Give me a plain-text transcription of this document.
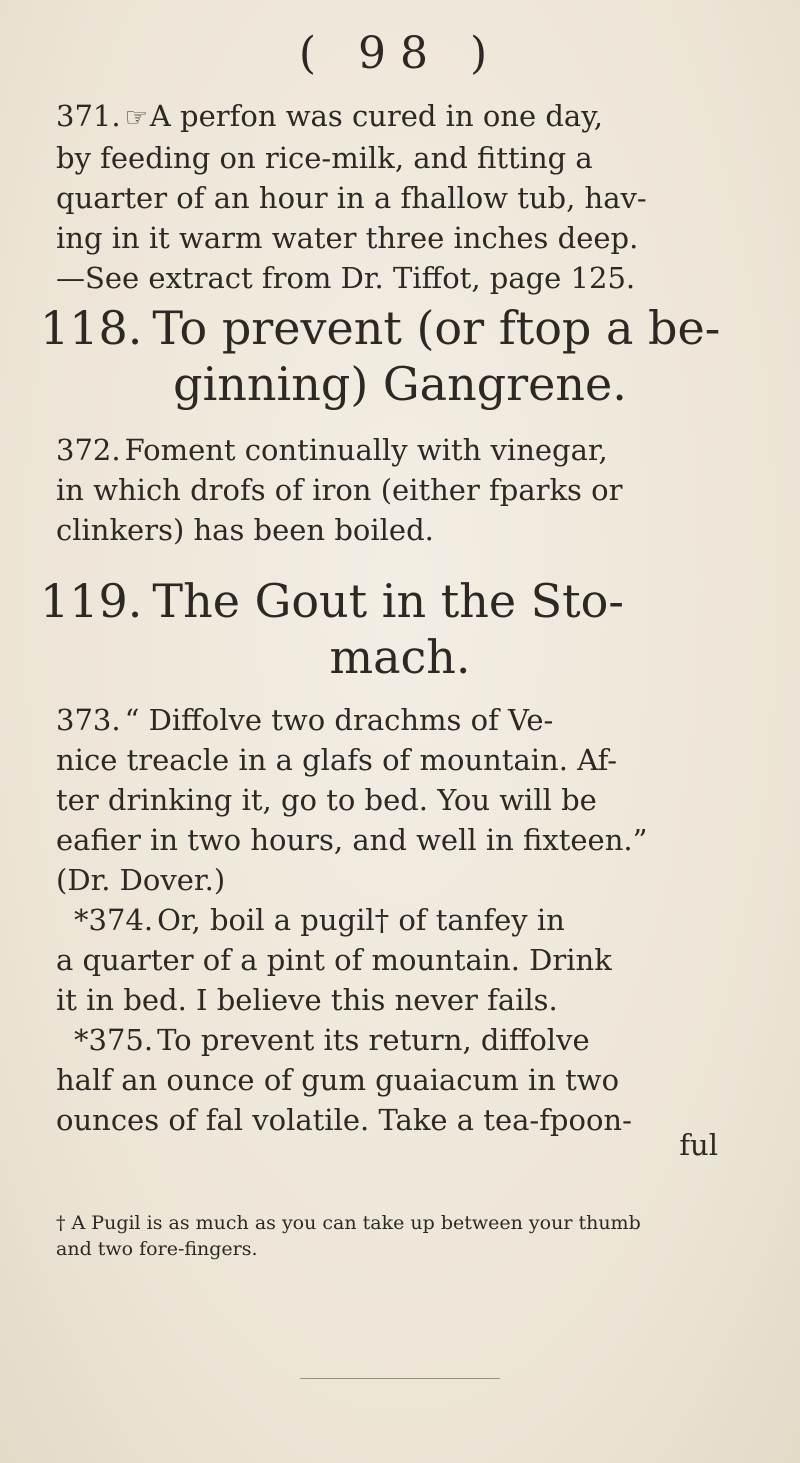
( 98 )
371. ☞A perfon was cured in one day,
by feeding on rice-milk, and fitting a
quarter of an hour in a fhallow tub, hav-
ing in it warm water three inches deep.
—See extract from Dr. Tiffot, page 125.
118. To prevent (or ftop a be-
ginning) Gangrene.
372. Foment continually with vinegar,
in which drofs of iron (either fparks or
clinkers) has been boiled.
119. The Gout in the Sto-
mach.
373. “ Diffolve two drachms of Ve-
nice treacle in a glafs of mountain. Af-
ter drinking it, go to bed. You will be
eafier in two hours, and well in fixteen.”
(Dr. Dover.)
*374. Or, boil a pugil† of tanfey in
a quarter of a pint of mountain. Drink
it in bed. I believe this never fails.
*375. To prevent its return, diffolve
half an ounce of gum guaiacum in two
ounces of fal volatile. Take a tea-fpoon-
ful
† A Pugil is as much as you can take up between your thumb
and two fore-fingers.
